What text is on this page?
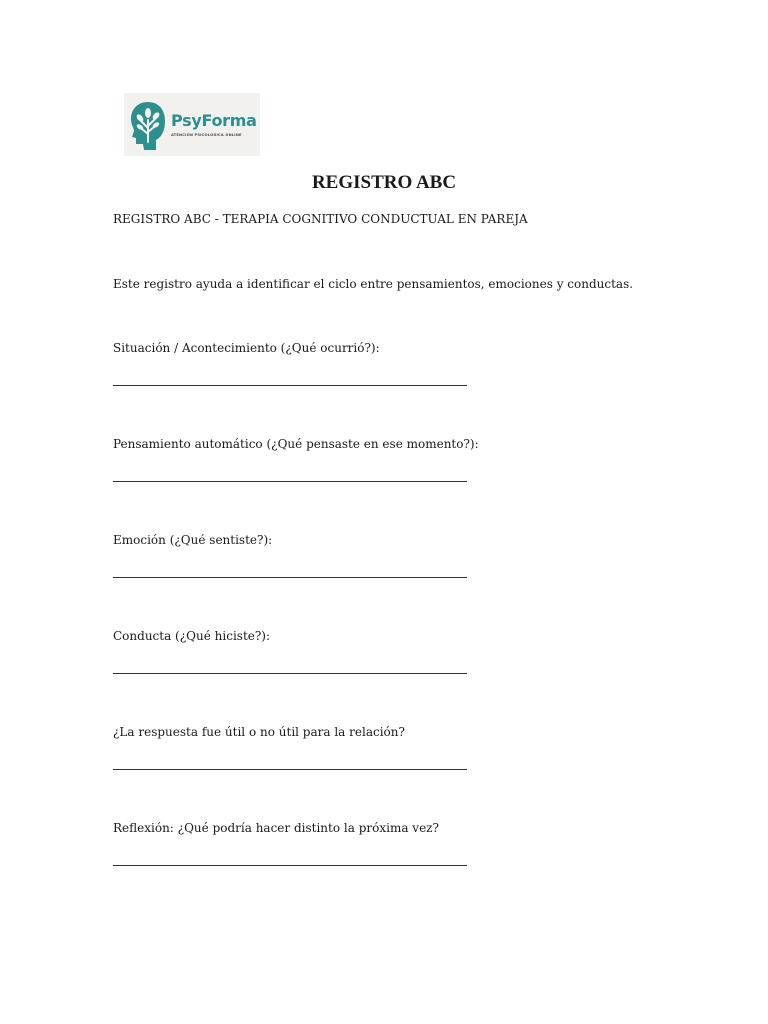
PsyForma
ATENCIÓN PSICOLÓGICA ONLINE
REGISTRO ABC

REGISTRO ABC - TERAPIA COGNITIVO CONDUCTUAL EN PAREJA

Este registro ayuda a identificar el ciclo entre pensamientos, emociones y conductas.

Situación / Acontecimiento (¿Qué ocurrió?):

Pensamiento automático (¿Qué pensaste en ese momento?):

Emoción (¿Qué sentiste?):

Conducta (¿Qué hiciste?):

¿La respuesta fue útil o no útil para la relación?

Reflexión: ¿Qué podría hacer distinto la próxima vez?
